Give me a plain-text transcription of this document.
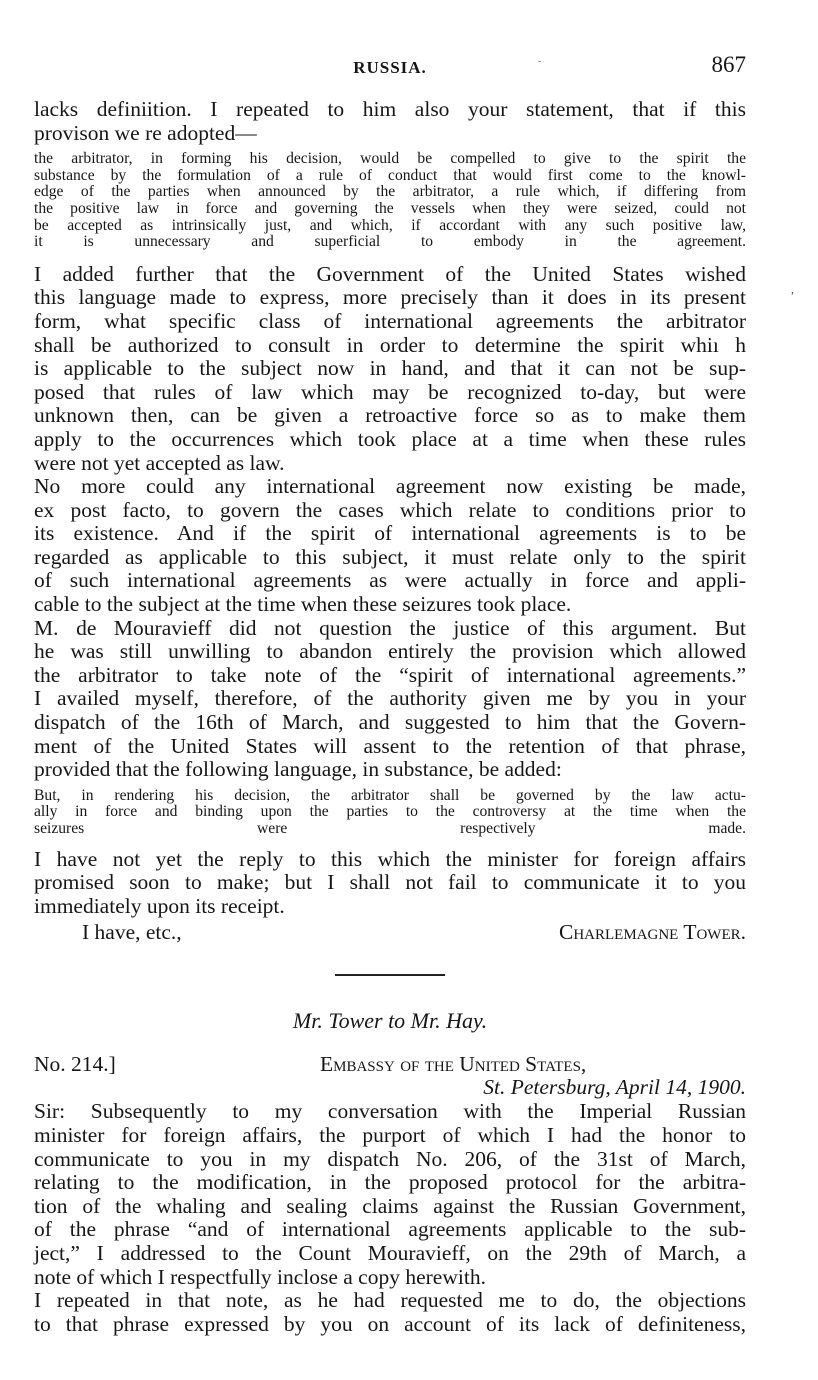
RUSSIA.	867

lacks definiition. I repeated to him also your statement, that if this

provison we re adopted—

the arbitrator, in forming his decision, would be compelled to give to the spirit the

substance by the formulation of a rule of conduct that would first come to the knowl-

edge of the parties when announced by the arbitrator, a rule which, if differing from

the positive law in force and governing the vessels when they were seized, could not

be accepted as intrinsically just, and which, if accordant with any such positive law,

it is unnecessary and superficial to embody in the agreement.

I added further that the Government of the United States wished

this language made to express, more precisely than it does in its present

form, what specific class of international agreements the arbitrator

shall be authorized to consult in order to determine the spirit whiı h

is applicable to the subject now in hand, and that it can not be sup-

posed that rules of law which may be recognized to-day, but were

unknown then, can be given a retroactive force so as to make them

apply to the occurrences which took place at a time when these rules

were not yet accepted as law.

No more could any international agreement now existing be made,

ex post facto, to govern the cases which relate to conditions prior to

its existence. And if the spirit of international agreements is to be

regarded as applicable to this subject, it must relate only to the spirit

of such international agreements as were actually in force and appli-

cable to the subject at the time when these seizures took place.

M. de Mouravieff did not question the justice of this argument. But

he was still unwilling to abandon entirely the provision which allowed

the arbitrator to take note of the “spirit of international agreements.”

I availed myself, therefore, of the authority given me by you in your

dispatch of the 16th of March, and suggested to him that the Govern-

ment of the United States will assent to the retention of that phrase,

provided that the following language, in substance, be added:

But, in rendering his decision, the arbitrator shall be governed by the law actu-

ally in force and binding upon the parties to the controversy at the time when the

seizures were respectively made.

I have not yet the reply to this which the minister for foreign affairs

promised soon to make; but I shall not fail to communicate it to you

immediately upon its receipt.

I have, etc.,	Charlemagne Tower.
Mr. Tower to Mr. Hay.
No. 214.]	Embassy of the United States,
St. Petersburg, April 14, 1900.

Sir: Subsequently to my conversation with the Imperial Russian

minister for foreign affairs, the purport of which I had the honor to

communicate to you in my dispatch No. 206, of the 31st of March,

relating to the modification, in the proposed protocol for the arbitra-

tion of the whaling and sealing claims against the Russian Government,

of the phrase “and of international agreements applicable to the sub-

ject,” I addressed to the Count Mouravieff, on the 29th of March, a

note of which I respectfully inclose a copy herewith.

I repeated in that note, as he had requested me to do, the objections

to that phrase expressed by you on account of its lack of definiteness,

,
-
